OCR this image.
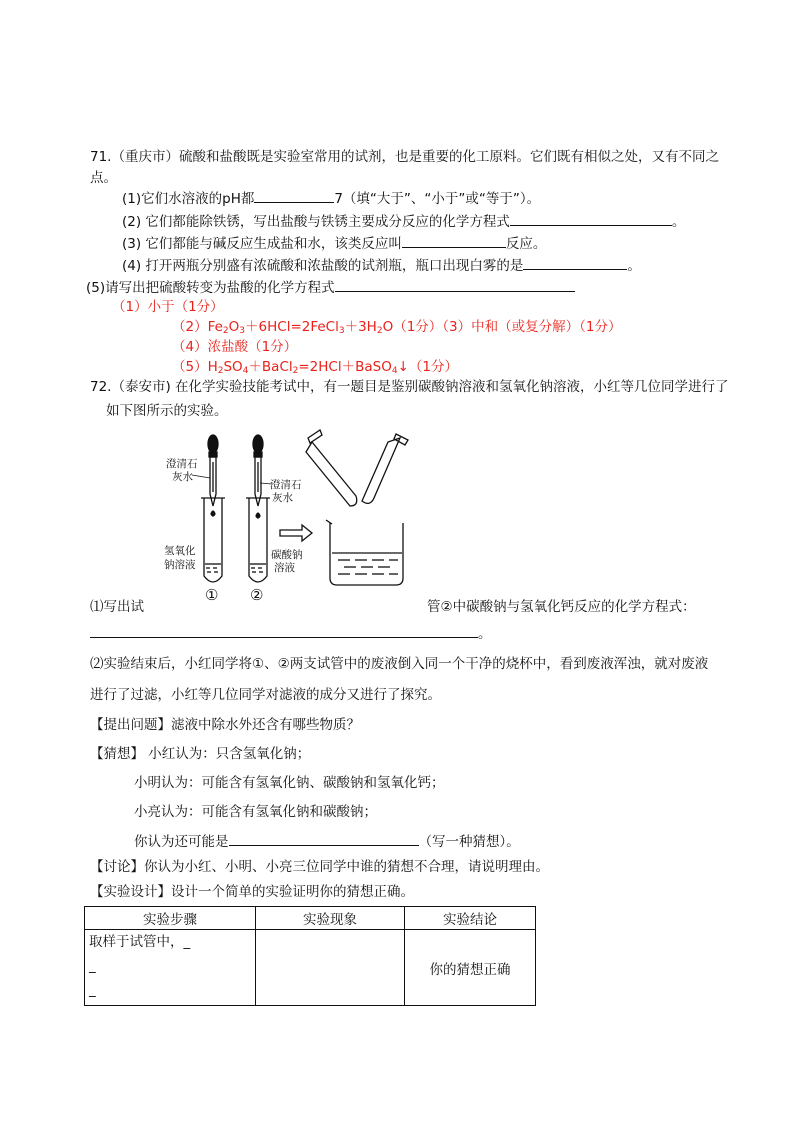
71.（重庆市）硫酸和盐酸既是实验室常用的试剂，也是重要的化工原料。它们既有相似之处，又有不同之
点。
(1)它们水溶液的pH都	7（填“大于”、“小于”或“等于”）。
(2) 它们都能除铁锈，写出盐酸与铁锈主要成分反应的化学方程式	。
(3) 它们都能与碱反应生成盐和水，该类反应叫	反应。
(4) 打开两瓶分别盛有浓硫酸和浓盐酸的试剂瓶，瓶口出现白雾的是	。
(5)请写出把硫酸转变为盐酸的化学方程式
（1）小于（1分）
$(2)Fe_2O_3+6HCl=2FeCl_3+3H_2O(1$分）（3）中和（或复分解）（1分）
（4）浓盐酸（1分）
$(5)H_2SO_4+BaCl_2=2HCl+BaSO_4↓(1$分）
72.（泰安市) 在化学实验技能考试中，有一题目是鉴别碳酸钠溶液和氢氧化钠溶液，小红等几位同学进行了
如下图所示的实验。
澄清石
灰水
澄清石
灰水
氢氧化
钠溶液
碳酸钠
溶液
① ②
⑴写出试	管②中碳酸钠与氢氧化钙反应的化学方程式：
。
⑵实验结束后，小红同学将①、②两支试管中的废液倒入同一个干净的烧杯中，看到废液浑浊，就对废液
进行了过滤，小红等几位同学对滤液的成分又进行了探究。
【提出问题】滤液中除水外还含有哪些物质？
【猜想】 小红认为：只含氢氧化钠；
小明认为：可能含有氢氧化钠、碳酸钠和氢氧化钙；
小亮认为：可能含有氢氧化钠和碳酸钠；
你认为还可能是	（写一种猜想）。
【讨论】你认为小红、小明、小亮三位同学中谁的猜想不合理，请说明理由。
【实验设计】设计一个简单的实验证明你的猜想正确。
实验步骤	实验现象	实验结论

取样于试管中，_
_
_		你的猜想正确
